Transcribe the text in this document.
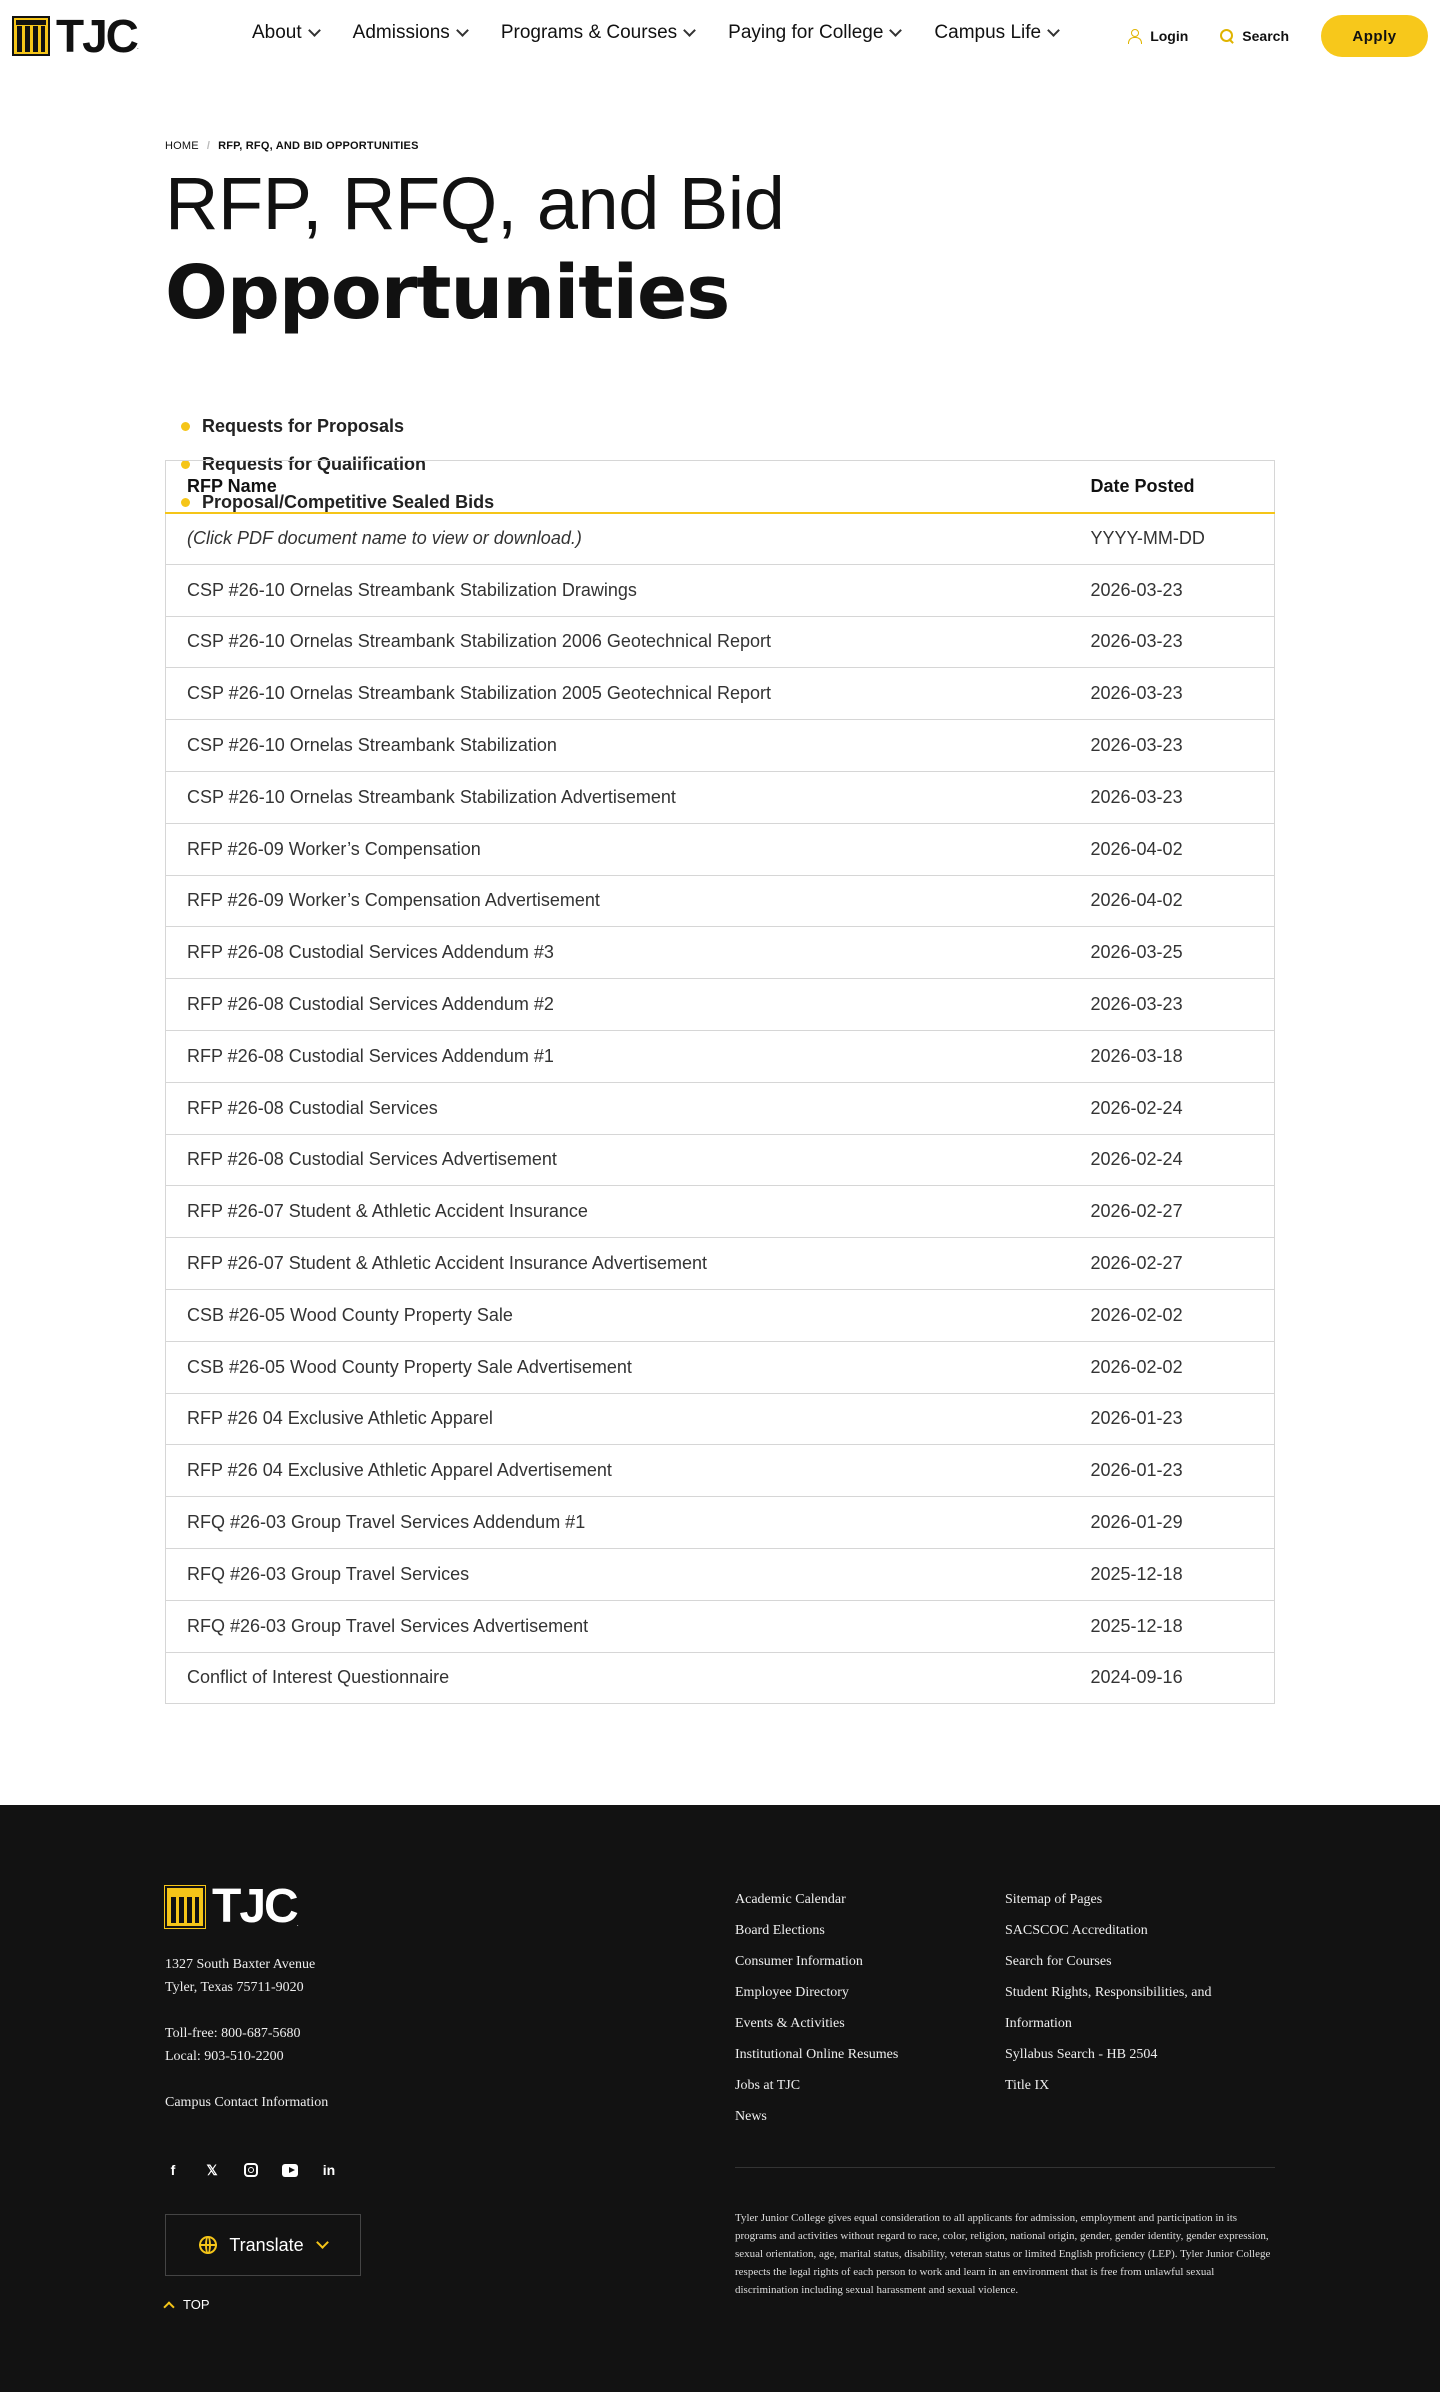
TJC .
About	Admissions	Programs & Courses	Paying for College	Campus Life	Login	Search	Apply
HOME / RFP, RFQ, AND BID OPPORTUNITIES
RFP, RFQ, and Bid Opportunities
Requests for Proposals
Requests for Qualification
Proposal/Competitive Sealed Bids
RFP Name	Date Posted
(Click PDF document name to view or download.)	YYYY-MM-DD
CSP #26-10 Ornelas Streambank Stabilization Drawings	2026-03-23
CSP #26-10 Ornelas Streambank Stabilization 2006 Geotechnical Report	2026-03-23
CSP #26-10 Ornelas Streambank Stabilization 2005 Geotechnical Report	2026-03-23
CSP #26-10 Ornelas Streambank Stabilization	2026-03-23
CSP #26-10 Ornelas Streambank Stabilization Advertisement	2026-03-23
RFP #26-09 Worker’s Compensation	2026-04-02
RFP #26-09 Worker’s Compensation Advertisement	2026-04-02
RFP #26-08 Custodial Services Addendum #3	2026-03-25
RFP #26-08 Custodial Services Addendum #2	2026-03-23
RFP #26-08 Custodial Services Addendum #1	2026-03-18
RFP #26-08 Custodial Services	2026-02-24
RFP #26-08 Custodial Services Advertisement	2026-02-24
RFP #26-07 Student & Athletic Accident Insurance	2026-02-27
RFP #26-07 Student & Athletic Accident Insurance Advertisement	2026-02-27
CSB #26-05 Wood County Property Sale	2026-02-02
CSB #26-05 Wood County Property Sale Advertisement	2026-02-02
RFP #26 04 Exclusive Athletic Apparel	2026-01-23
RFP #26 04 Exclusive Athletic Apparel Advertisement	2026-01-23
RFQ #26-03 Group Travel Services Addendum #1	2026-01-29
RFQ #26-03 Group Travel Services	2025-12-18
RFQ #26-03 Group Travel Services Advertisement	2025-12-18
Conflict of Interest Questionnaire	2024-09-16
TJC .

1327 South Baxter Avenue

Tyler, Texas 75711-9020

Toll-free: 800-687-5680

Local: 903-510-2200

Campus Contact Information

f	𝕏	in
Translate
TOP
Academic Calendar
Board Elections
Consumer Information
Employee Directory
Events & Activities
Institutional Online Resumes
Jobs at TJC
News
Sitemap of Pages
SACSCOC Accreditation
Search for Courses
Student Rights, Responsibilities, and Information
Syllabus Search - HB 2504
Title IX

Tyler Junior College gives equal consideration to all applicants for admission, employment and participation in its programs and activities without regard to race, color, religion, national origin, gender, gender identity, gender expression, sexual orientation, age, marital status, disability, veteran status or limited English proficiency (LEP). Tyler Junior College respects the legal rights of each person to work and learn in an environment that is free from unlawful sexual discrimination including sexual harassment and sexual violence.
